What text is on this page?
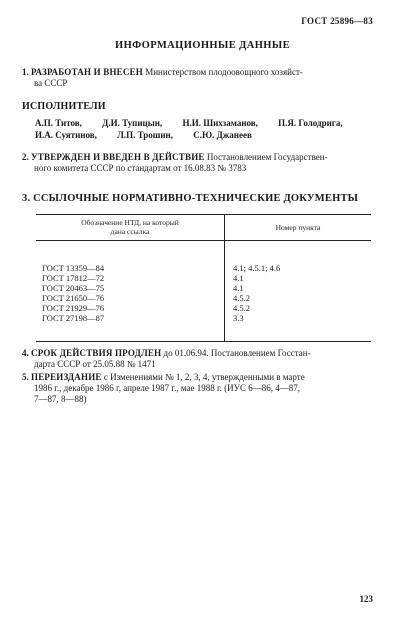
ГОСТ 25896—83
ИНФОРМАЦИОННЫЕ ДАННЫЕ
1. РАЗРАБОТАН И ВНЕСЕН Министерством плодоовощного хозяйст-
ва СССР
ИСПОЛНИТЕЛИ
А.П. Титов, Д.И. Тупицын, Н.И. Шихзаманов, П.Я. Голодрига,
И.А. Суятинов, Л.П. Трошин, С.Ю. Джанеев
2. УТВЕРЖДЕН И ВВЕДЕН В ДЕЙСТВИЕ Постановлением Государствен-
ного комитета СССР по стандартам от 16.08.83 № 3783
3. ССЫЛОЧНЫЕ НОРМАТИВНО-ТЕХНИЧЕСКИЕ ДОКУМЕНТЫ
Обозначение НТД, на который
дана ссылка	Номер пункта

ГОСТ 13359—84	4.1; 4.5.1; 4.6
ГОСТ 17812—72	4.1
ГОСТ 20463—75	4.1
ГОСТ 21650—76	4.5.2
ГОСТ 21929—76	4.5.2
ГОСТ 27198—87	3.3

4. СРОК ДЕЙСТВИЯ ПРОДЛЕН до 01.06.94. Постановлением Госстан-
дарта СССР от 25.05.88 № 1471
5. ПЕРЕИЗДАНИЕ с Изменениями № 1, 2, 3, 4, утвержденными в марте
1986 г., декабре 1986 г, апреле 1987 г., мае 1988 г. (ИУС 6—86, 4—87,
7—87, 8—88)
123
